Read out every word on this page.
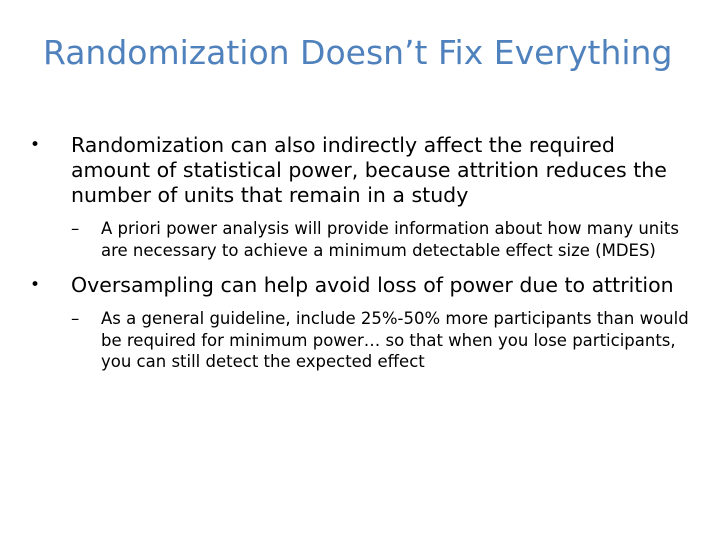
Randomization Doesn’t Fix Everything
• Randomization can also indirectly affect the required amount of statistical power, because attrition reduces the number of units that remain in a study
– A priori power analysis will provide information about how many units are necessary to achieve a minimum detectable effect size (MDES)
• Oversampling can help avoid loss of power due to attrition
– As a general guideline, include 25%-50% more participants than would be required for minimum power… so that when you lose participants, you can still detect the expected effect
